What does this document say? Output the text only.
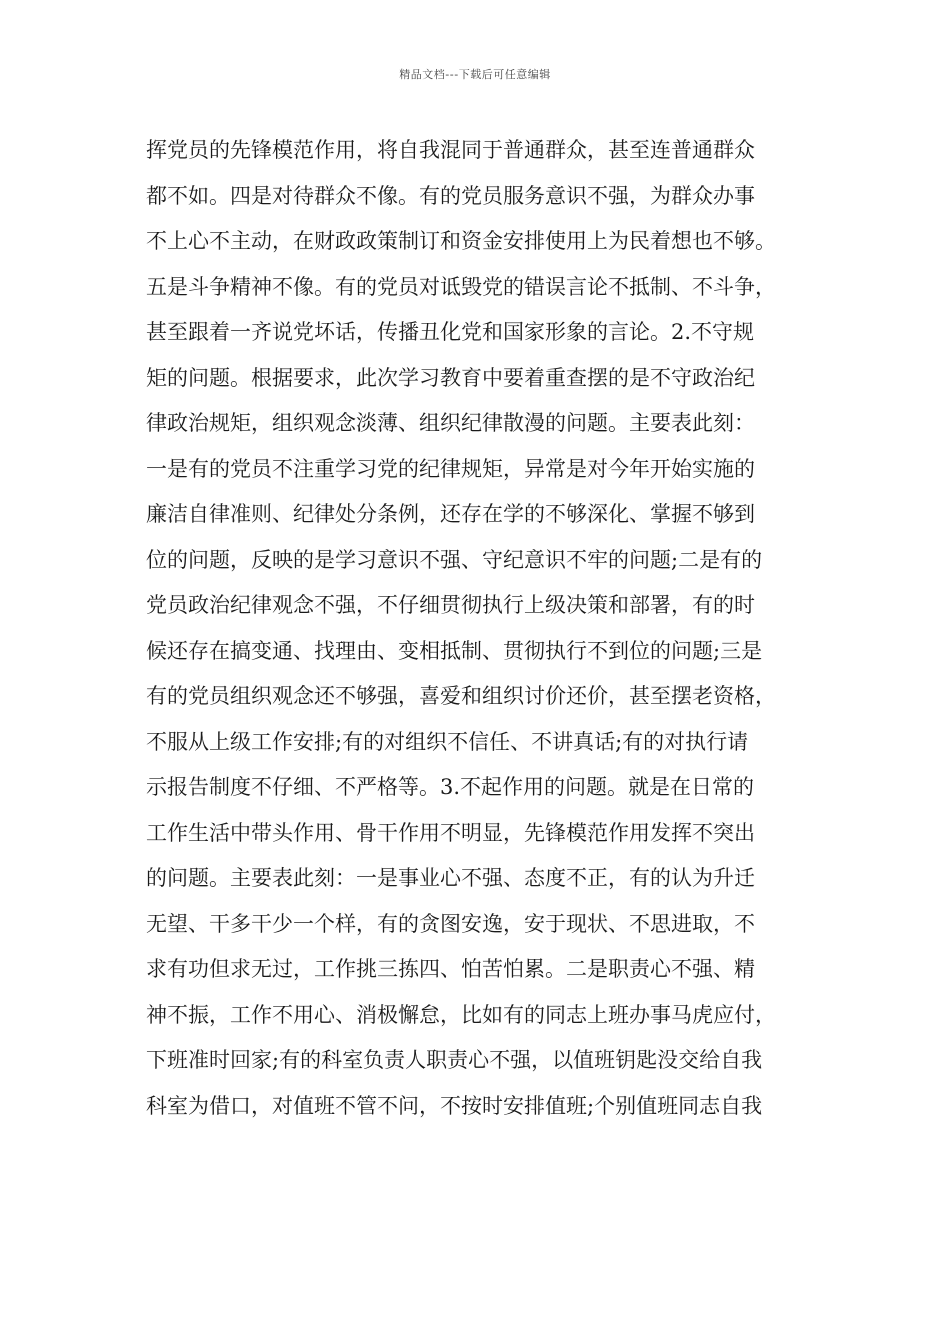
精品文档---下载后可任意编辑
挥党员的先锋模范作用，将自我混同于普通群众，甚至连普通群众
都不如。四是对待群众不像。有的党员服务意识不强，为群众办事
不上心不主动，在财政政策制订和资金安排使用上为民着想也不够。
五是斗争精神不像。有的党员对诋毁党的错误言论不抵制、不斗争，
甚至跟着一齐说党坏话，传播丑化党和国家形象的言论。2.不守规
矩的问题。根据要求，此次学习教育中要着重查摆的是不守政治纪
律政治规矩，组织观念淡薄、组织纪律散漫的问题。主要表此刻：
一是有的党员不注重学习党的纪律规矩，异常是对今年开始实施的
廉洁自律准则、纪律处分条例，还存在学的不够深化、掌握不够到
位的问题，反映的是学习意识不强、守纪意识不牢的问题;二是有的
党员政治纪律观念不强，不仔细贯彻执行上级决策和部署，有的时
候还存在搞变通、找理由、变相抵制、贯彻执行不到位的问题;三是
有的党员组织观念还不够强，喜爱和组织讨价还价，甚至摆老资格，
不服从上级工作安排;有的对组织不信任、不讲真话;有的对执行请
示报告制度不仔细、不严格等。3.不起作用的问题。就是在日常的
工作生活中带头作用、骨干作用不明显，先锋模范作用发挥不突出
的问题。主要表此刻：一是事业心不强、态度不正，有的认为升迁
无望、干多干少一个样，有的贪图安逸，安于现状、不思进取，不
求有功但求无过，工作挑三拣四、怕苦怕累。二是职责心不强、精
神不振，工作不用心、消极懈怠，比如有的同志上班办事马虎应付，
下班准时回家;有的科室负责人职责心不强，以值班钥匙没交给自我
科室为借口，对值班不管不问，不按时安排值班;个别值班同志自我
